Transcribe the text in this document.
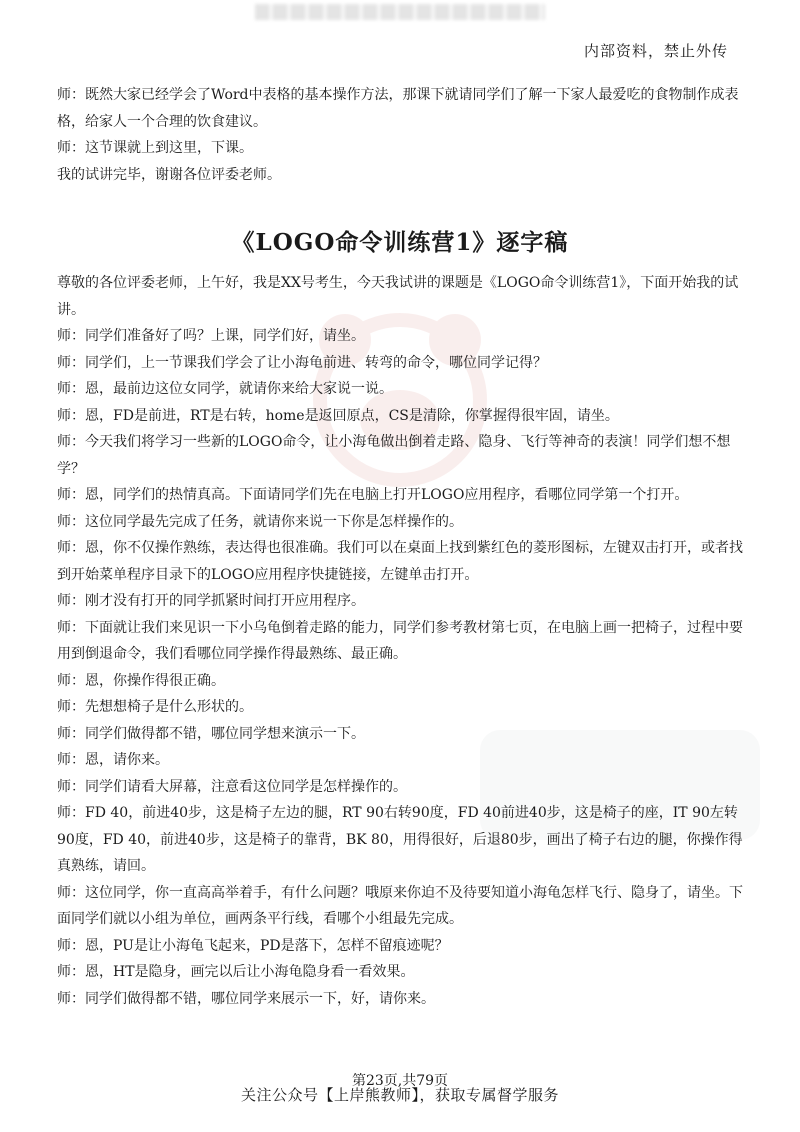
内部资料，禁止外传

师：既然大家已经学会了Word中表格的基本操作方法，那课下就请同学们了解一下家人最爱吃的食物制作成表格，给家人一个合理的饮食建议。

师：这节课就上到这里，下课。

我的试讲完毕，谢谢各位评委老师。

《LOGO命令训练营1》逐字稿

尊敬的各位评委老师，上午好，我是XX号考生，今天我试讲的课题是《LOGO命令训练营1》，下面开始我的试讲。

师：同学们准备好了吗？上课，同学们好，请坐。

师：同学们，上一节课我们学会了让小海龟前进、转弯的命令，哪位同学记得？

师：恩，最前边这位女同学，就请你来给大家说一说。

师：恩，FD是前进，RT是右转，home是返回原点，CS是清除，你掌握得很牢固，请坐。

师：今天我们将学习一些新的LOGO命令，让小海龟做出倒着走路、隐身、飞行等神奇的表演！同学们想不想学？

师：恩，同学们的热情真高。下面请同学们先在电脑上打开LOGO应用程序，看哪位同学第一个打开。

师：这位同学最先完成了任务，就请你来说一下你是怎样操作的。

师：恩，你不仅操作熟练，表达得也很准确。我们可以在桌面上找到紫红色的菱形图标，左键双击打开，或者找到开始菜单程序目录下的LOGO应用程序快捷链接，左键单击打开。

师：刚才没有打开的同学抓紧时间打开应用程序。

师：下面就让我们来见识一下小乌龟倒着走路的能力，同学们参考教材第七页，在电脑上画一把椅子，过程中要用到倒退命令，我们看哪位同学操作得最熟练、最正确。

师：恩，你操作得很正确。

师：先想想椅子是什么形状的。

师：同学们做得都不错，哪位同学想来演示一下。

师：恩，请你来。

师：同学们请看大屏幕，注意看这位同学是怎样操作的。

师：FD 40，前进40步，这是椅子左边的腿，RT 90右转90度，FD 40前进40步，这是椅子的座，IT 90左转90度，FD 40，前进40步，这是椅子的靠背，BK 80，用得很好，后退80步，画出了椅子右边的腿，你操作得真熟练，请回。

师：这位同学，你一直高高举着手，有什么问题？哦原来你迫不及待要知道小海龟怎样飞行、隐身了，请坐。下面同学们就以小组为单位，画两条平行线，看哪个小组最先完成。

师：恩，PU是让小海龟飞起来，PD是落下，怎样不留痕迹呢？

师：恩，HT是隐身，画完以后让小海龟隐身看一看效果。

师：同学们做得都不错，哪位同学来展示一下，好，请你来。

第23页,共79页
关注公众号【上岸熊教师】，获取专属督学服务
